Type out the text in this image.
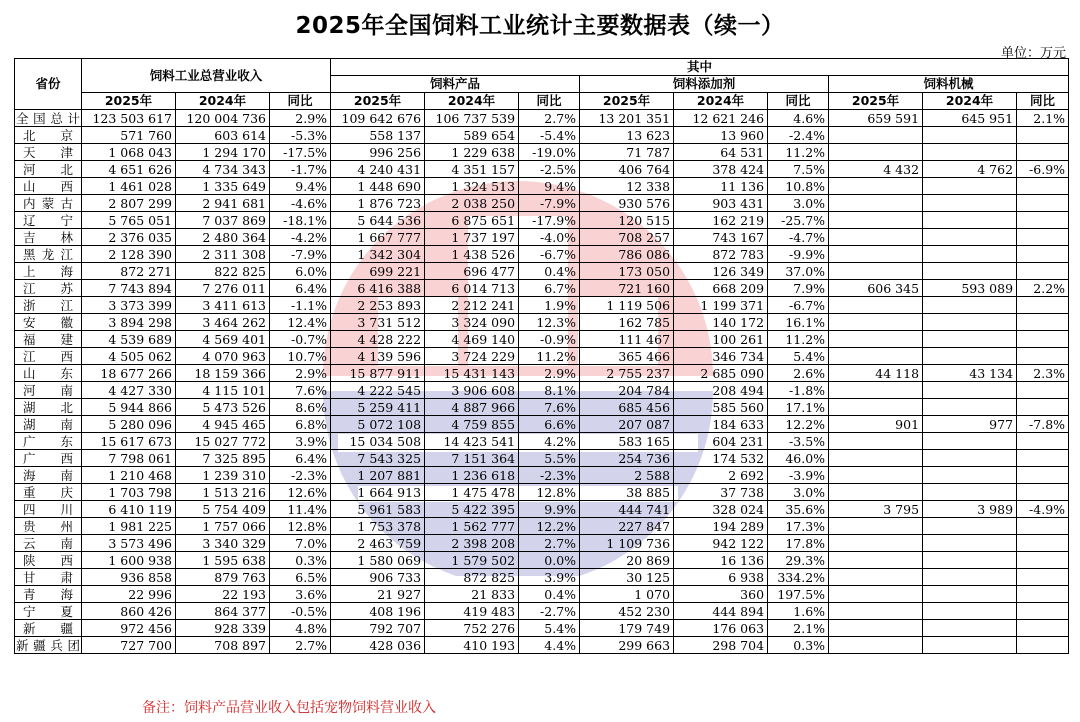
2025年全国饲料工业统计主要数据表（续一）
单位：万元
省份	饲料工业总营业收入			其中								
				饲料产品			饲料添加剂			饲料机械		
	2025年	2024年	同比	2025年	2024年	同比	2025年	2024年	同比	2025年	2024年	同比
全国总计	123 503 617	120 004 736	2.9%	109 642 676	106 737 539	2.7%	13 201 351	12 621 246	4.6%	659 591	645 951	2.1%
北京	571 760	603 614	-5.3%	558 137	589 654	-5.4%	13 623	13 960	-2.4%			
天津	1 068 043	1 294 170	-17.5%	996 256	1 229 638	-19.0%	71 787	64 531	11.2%			
河北	4 651 626	4 734 343	-1.7%	4 240 431	4 351 157	-2.5%	406 764	378 424	7.5%	4 432	4 762	-6.9%
山西	1 461 028	1 335 649	9.4%	1 448 690	1 324 513	9.4%	12 338	11 136	10.8%			
内蒙古	2 807 299	2 941 681	-4.6%	1 876 723	2 038 250	-7.9%	930 576	903 431	3.0%			
辽宁	5 765 051	7 037 869	-18.1%	5 644 536	6 875 651	-17.9%	120 515	162 219	-25.7%			
吉林	2 376 035	2 480 364	-4.2%	1 667 777	1 737 197	-4.0%	708 257	743 167	-4.7%			
黑龙江	2 128 390	2 311 308	-7.9%	1 342 304	1 438 526	-6.7%	786 086	872 783	-9.9%			
上海	872 271	822 825	6.0%	699 221	696 477	0.4%	173 050	126 349	37.0%			
江苏	7 743 894	7 276 011	6.4%	6 416 388	6 014 713	6.7%	721 160	668 209	7.9%	606 345	593 089	2.2%
浙江	3 373 399	3 411 613	-1.1%	2 253 893	2 212 241	1.9%	1 119 506	1 199 371	-6.7%			
安徽	3 894 298	3 464 262	12.4%	3 731 512	3 324 090	12.3%	162 785	140 172	16.1%			
福建	4 539 689	4 569 401	-0.7%	4 428 222	4 469 140	-0.9%	111 467	100 261	11.2%			
江西	4 505 062	4 070 963	10.7%	4 139 596	3 724 229	11.2%	365 466	346 734	5.4%			
山东	18 677 266	18 159 366	2.9%	15 877 911	15 431 143	2.9%	2 755 237	2 685 090	2.6%	44 118	43 134	2.3%
河南	4 427 330	4 115 101	7.6%	4 222 545	3 906 608	8.1%	204 784	208 494	-1.8%			
湖北	5 944 866	5 473 526	8.6%	5 259 411	4 887 966	7.6%	685 456	585 560	17.1%			
湖南	5 280 096	4 945 465	6.8%	5 072 108	4 759 855	6.6%	207 087	184 633	12.2%	901	977	-7.8%
广东	15 617 673	15 027 772	3.9%	15 034 508	14 423 541	4.2%	583 165	604 231	-3.5%			
广西	7 798 061	7 325 895	6.4%	7 543 325	7 151 364	5.5%	254 736	174 532	46.0%			
海南	1 210 468	1 239 310	-2.3%	1 207 881	1 236 618	-2.3%	2 588	2 692	-3.9%			
重庆	1 703 798	1 513 216	12.6%	1 664 913	1 475 478	12.8%	38 885	37 738	3.0%			
四川	6 410 119	5 754 409	11.4%	5 961 583	5 422 395	9.9%	444 741	328 024	35.6%	3 795	3 989	-4.9%
贵州	1 981 225	1 757 066	12.8%	1 753 378	1 562 777	12.2%	227 847	194 289	17.3%			
云南	3 573 496	3 340 329	7.0%	2 463 759	2 398 208	2.7%	1 109 736	942 122	17.8%			
陕西	1 600 938	1 595 638	0.3%	1 580 069	1 579 502	0.0%	20 869	16 136	29.3%			
甘肃	936 858	879 763	6.5%	906 733	872 825	3.9%	30 125	6 938	334.2%			
青海	22 996	22 193	3.6%	21 927	21 833	0.4%	1 070	360	197.5%			
宁夏	860 426	864 377	-0.5%	408 196	419 483	-2.7%	452 230	444 894	1.6%			
新疆	972 456	928 339	4.8%	792 707	752 276	5.4%	179 749	176 063	2.1%			
新疆兵团	727 700	708 897	2.7%	428 036	410 193	4.4%	299 663	298 704	0.3%			
备注：饲料产品营业收入包括宠物饲料营业收入
